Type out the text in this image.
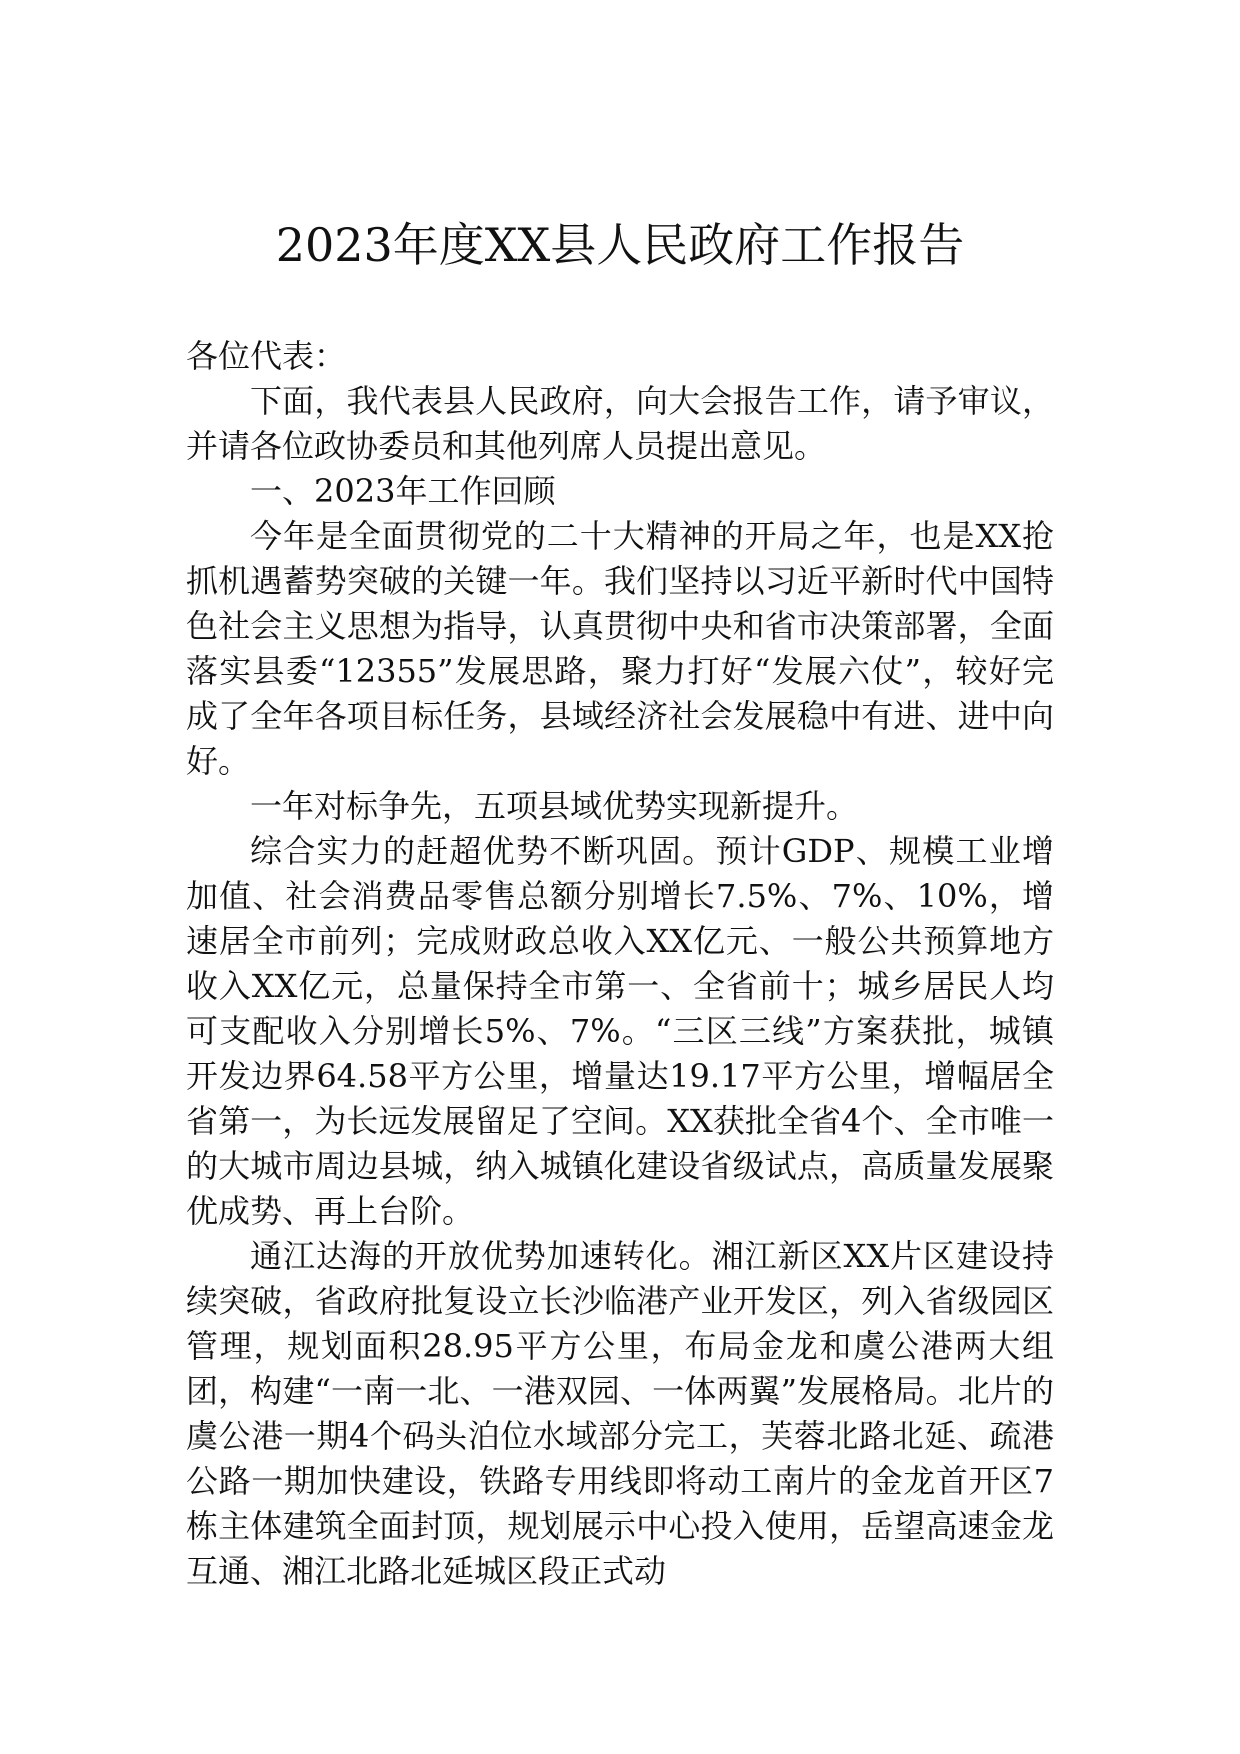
2023年度XX县人民政府工作报告

各位代表：

下面，我代表县人民政府，向大会报告工作，请予审议，并请各位政协委员和其他列席人员提出意见。

一、2023年工作回顾

今年是全面贯彻党的二十大精神的开局之年，也是XX抢抓机遇蓄势突破的关键一年。我们坚持以习近平新时代中国特色社会主义思想为指导，认真贯彻中央和省市决策部署，全面落实县委“12355”发展思路，聚力打好“发展六仗”，较好完成了全年各项目标任务，县域经济社会发展稳中有进、进中向好。

一年对标争先，五项县域优势实现新提升。

综合实力的赶超优势不断巩固。预计GDP、规模工业增加值、社会消费品零售总额分别增长7.5%、7%、10%，增速居全市前列；完成财政总收入XX亿元、一般公共预算地方收入XX亿元，总量保持全市第一、全省前十；城乡居民人均可支配收入分别增长5%、7%。“三区三线”方案获批，城镇开发边界64.58平方公里，增量达19.17平方公里，增幅居全省第一，为长远发展留足了空间。XX获批全省4个、全市唯一的大城市周边县城，纳入城镇化建设省级试点，高质量发展聚优成势、再上台阶。

通江达海的开放优势加速转化。湘江新区XX片区建设持续突破，省政府批复设立长沙临港产业开发区，列入省级园区管理，规划面积28.95平方公里，布局金龙和虞公港两大组团，构建“一南一北、一港双园、一体两翼”发展格局。北片的虞公港一期4个码头泊位水域部分完工，芙蓉北路北延、疏港公路一期加快建设，铁路专用线即将动工南片的金龙首开区7栋主体建筑全面封顶，规划展示中心投入使用，岳望高速金龙互通、湘江北路北延城区段正式动
